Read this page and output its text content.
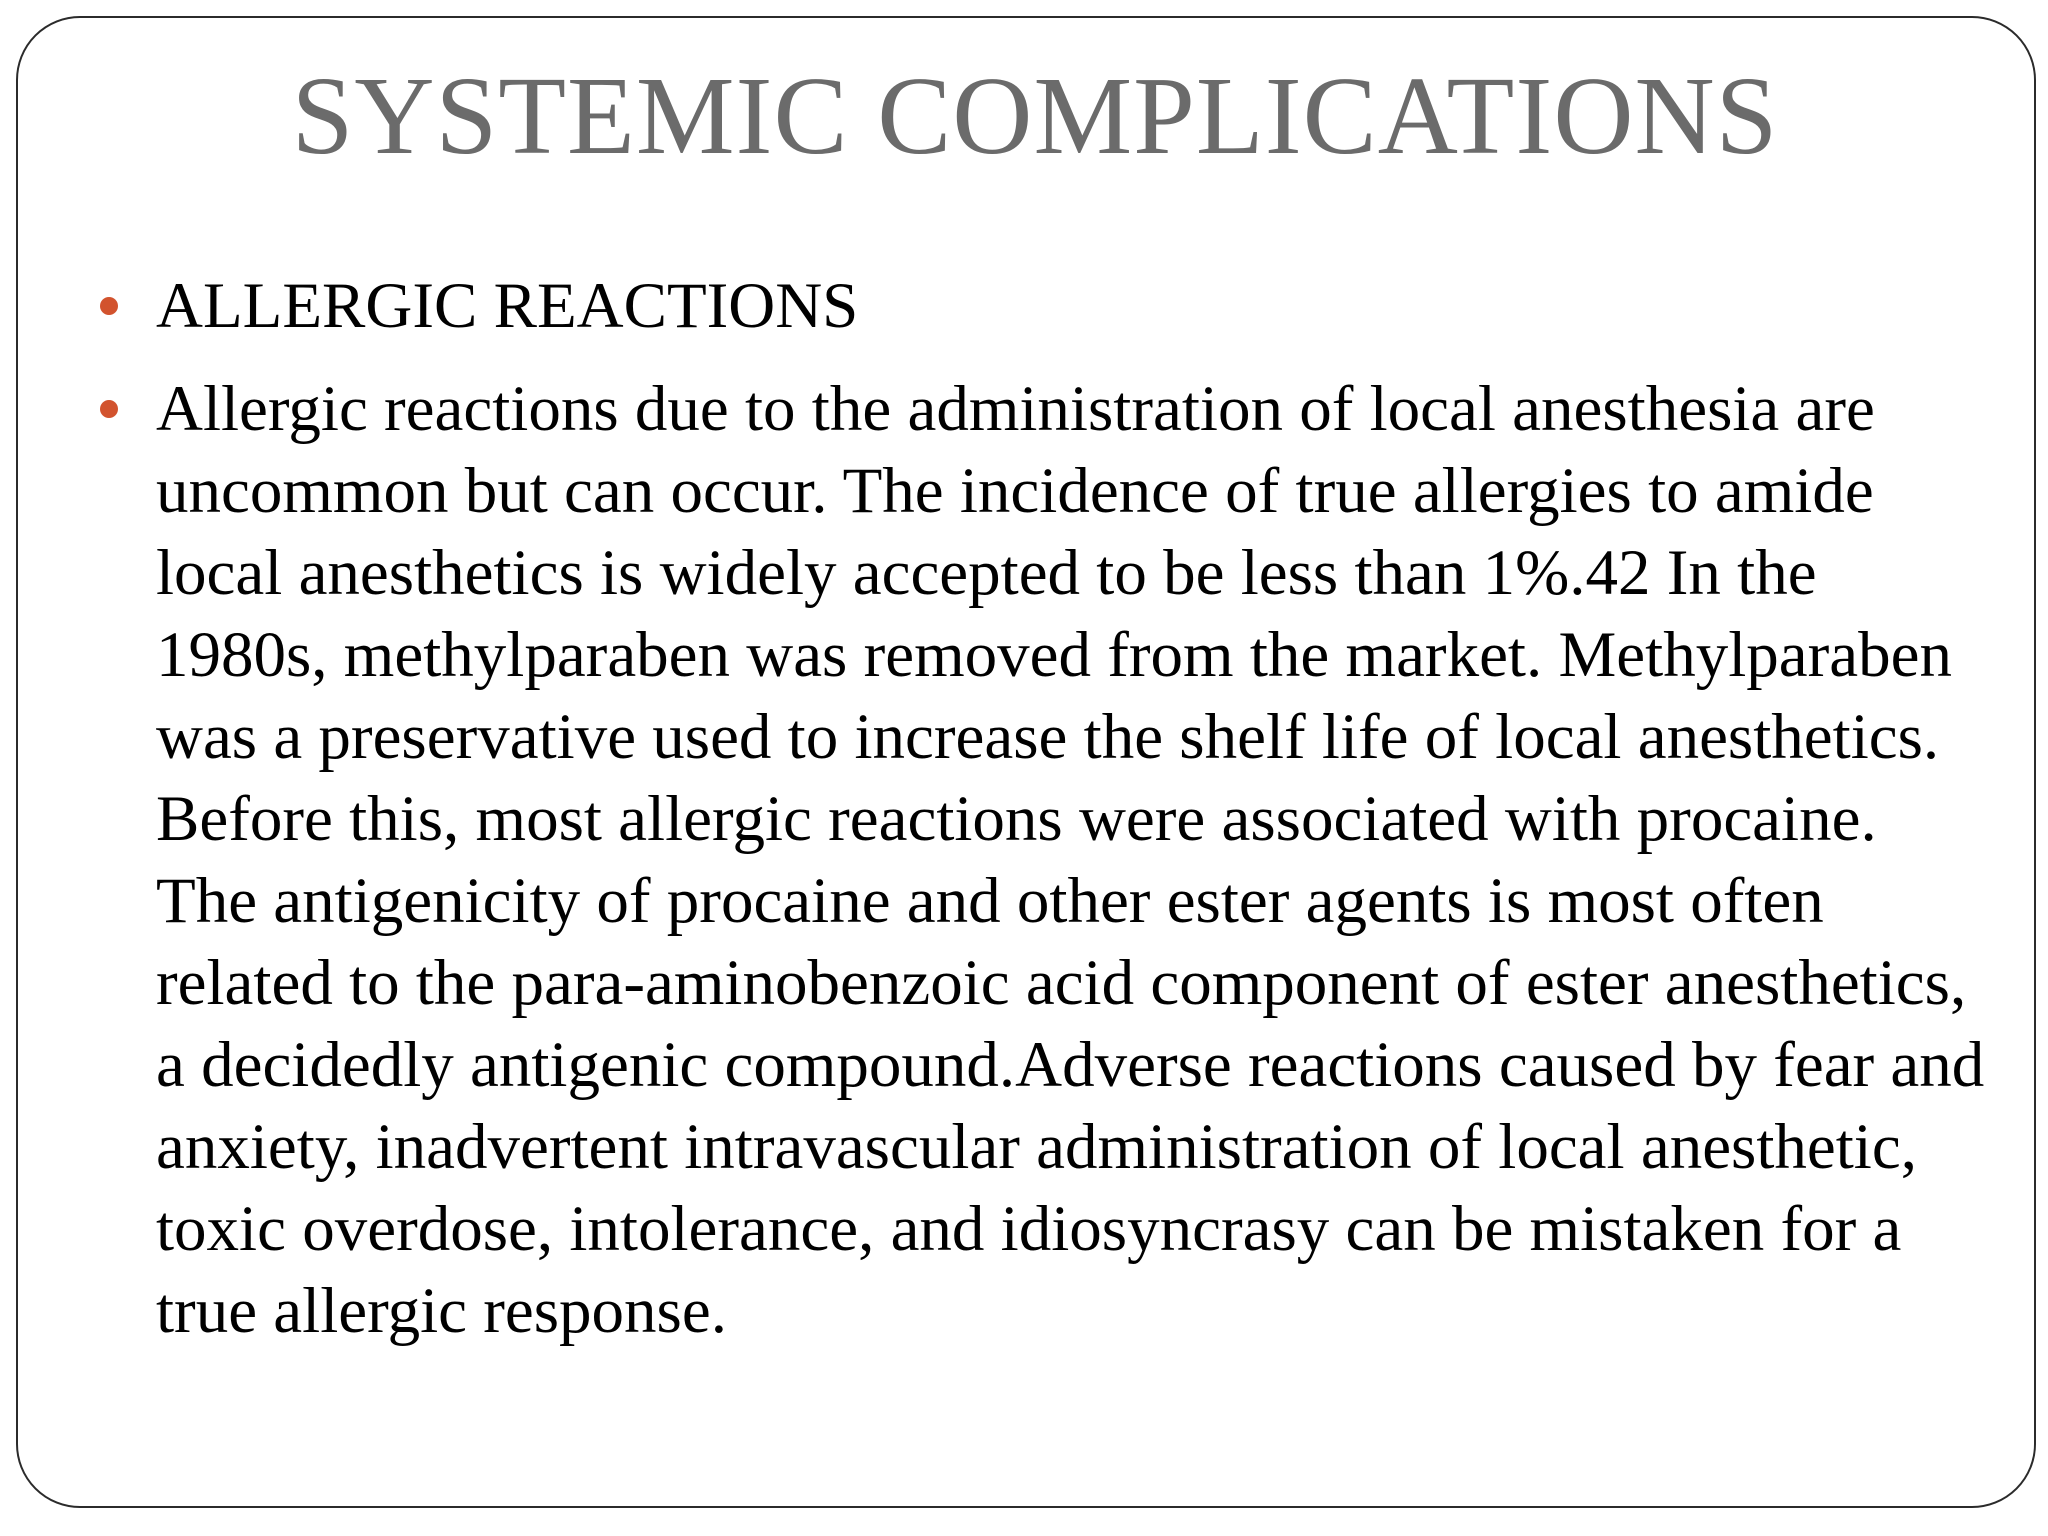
SYSTEMIC COMPLICATIONS
ALLERGIC REACTIONS
Allergic reactions due to the administration of local anesthesia are uncommon but can occur. The incidence of true allergies to amide local anesthetics is widely accepted to be less than 1%.42 In the 1980s, methylparaben was removed from the market. Methylparaben was a preservative used to increase the shelf life of local anesthetics. Before this, most allergic reactions were associated with procaine. The antigenicity of procaine and other ester agents is most often related to the para-aminobenzoic acid component of ester anesthetics, a decidedly antigenic compound.Adverse reactions caused by fear and anxiety, inadvertent intravascular administration of local anesthetic, toxic overdose, intolerance, and idiosyncrasy can be mistaken for a true allergic response.
